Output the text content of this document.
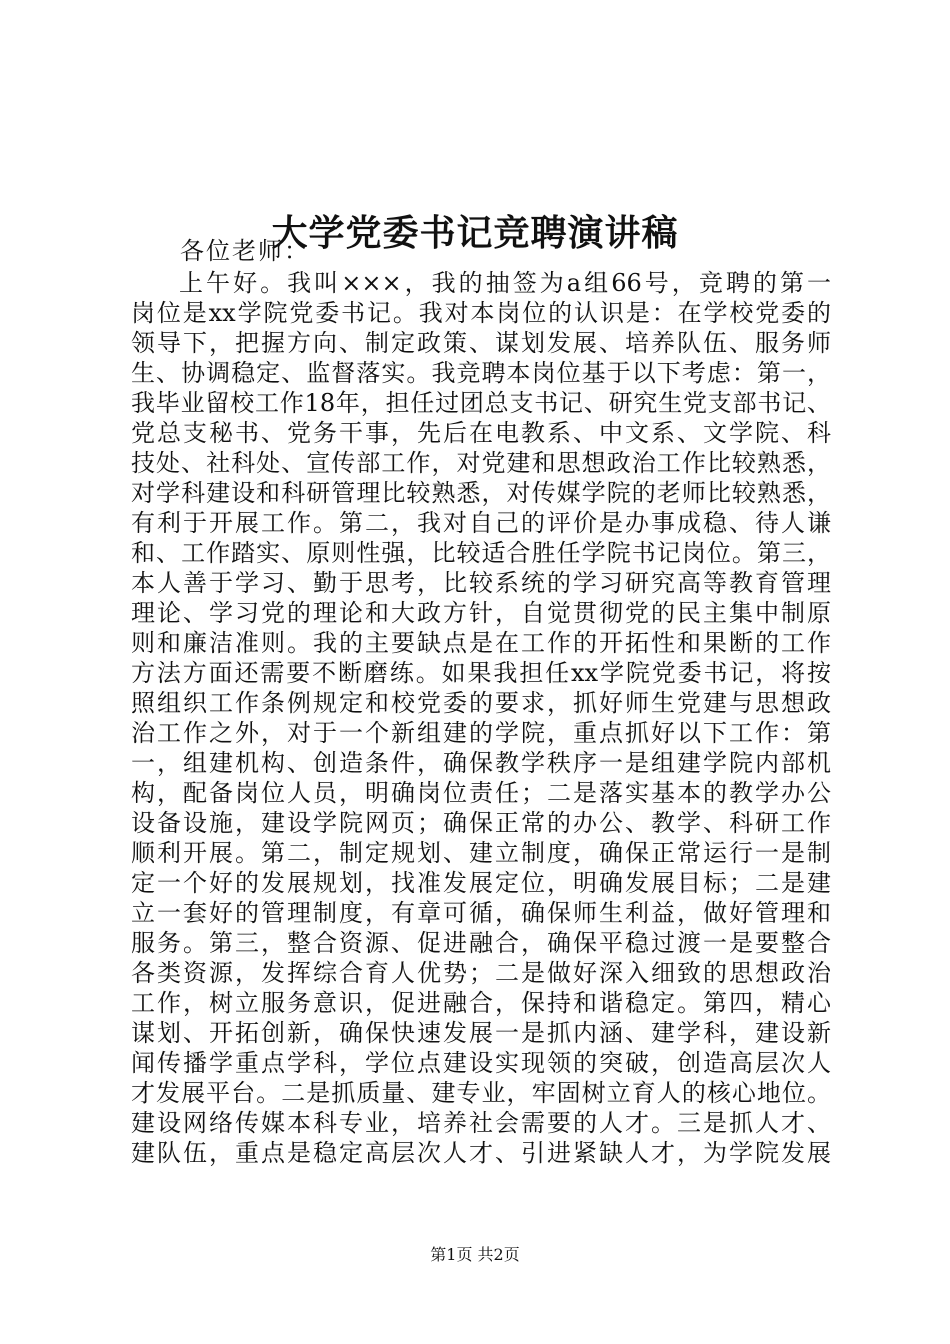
大学党委书记竞聘演讲稿
各位老师：
上午好。我叫×××，我的抽签为a组66号，竞聘的第一
岗位是xx学院党委书记。我对本岗位的认识是：在学校党委的
领导下，把握方向、制定政策、谋划发展、培养队伍、服务师
生、协调稳定、监督落实。我竞聘本岗位基于以下考虑：第一，
我毕业留校工作18年，担任过团总支书记、研究生党支部书记、
党总支秘书、党务干事，先后在电教系、中文系、文学院、科
技处、社科处、宣传部工作，对党建和思想政治工作比较熟悉，
对学科建设和科研管理比较熟悉，对传媒学院的老师比较熟悉，
有利于开展工作。第二，我对自己的评价是办事成稳、待人谦
和、工作踏实、原则性强，比较适合胜任学院书记岗位。第三，
本人善于学习、勤于思考，比较系统的学习研究高等教育管理
理论、学习党的理论和大政方针，自觉贯彻党的民主集中制原
则和廉洁准则。我的主要缺点是在工作的开拓性和果断的工作
方法方面还需要不断磨练。如果我担任xx学院党委书记，将按
照组织工作条例规定和校党委的要求，抓好师生党建与思想政
治工作之外，对于一个新组建的学院，重点抓好以下工作：第
一，组建机构、创造条件，确保教学秩序一是组建学院内部机
构，配备岗位人员，明确岗位责任；二是落实基本的教学办公
设备设施，建设学院网页；确保正常的办公、教学、科研工作
顺利开展。第二，制定规划、建立制度，确保正常运行一是制
定一个好的发展规划，找准发展定位，明确发展目标；二是建
立一套好的管理制度，有章可循，确保师生利益，做好管理和
服务。第三，整合资源、促进融合，确保平稳过渡一是要整合
各类资源，发挥综合育人优势；二是做好深入细致的思想政治
工作，树立服务意识，促进融合，保持和谐稳定。第四，精心
谋划、开拓创新，确保快速发展一是抓内涵、建学科，建设新
闻传播学重点学科，学位点建设实现领的突破，创造高层次人
才发展平台。二是抓质量、建专业，牢固树立育人的核心地位。
建设网络传媒本科专业，培养社会需要的人才。三是抓人才、
建队伍，重点是稳定高层次人才、引进紧缺人才，为学院发展
第1页 共2页
